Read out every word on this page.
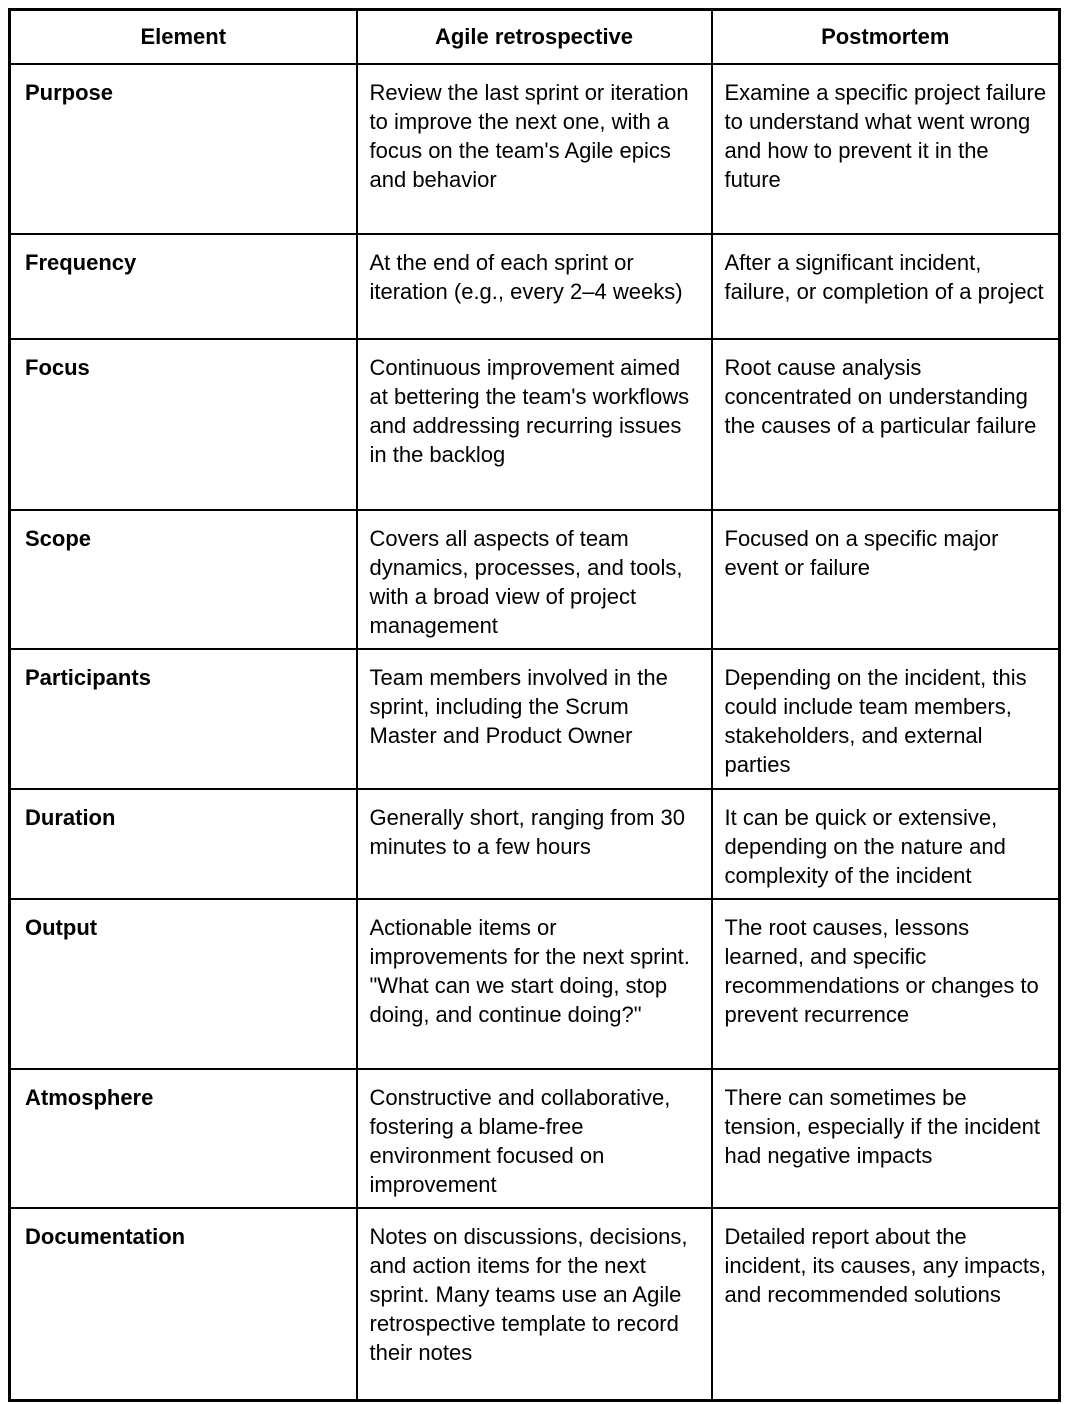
Element	Agile retrospective	Postmortem
Purpose	Review the last sprint or iteration to improve the next one, with a focus on the team's Agile epics and behavior	Examine a specific project failure to understand what went wrong and how to prevent it in the future
Frequency	At the end of each sprint or iteration (e.g., every 2–4 weeks)	After a significant incident, failure, or completion of a project
Focus	Continuous improvement aimed at bettering the team's workflows and addressing recurring issues in the backlog	Root cause analysis concentrated on understanding the causes of a particular failure
Scope	Covers all aspects of team dynamics, processes, and tools, with a broad view of project management	Focused on a specific major event or failure
Participants	Team members involved in the sprint, including the Scrum Master and Product Owner	Depending on the incident, this could include team members, stakeholders, and external parties
Duration	Generally short, ranging from 30 minutes to a few hours	It can be quick or extensive, depending on the nature and complexity of the incident
Output	Actionable items or improvements for the next sprint. "What can we start doing, stop doing, and continue doing?"	The root causes, lessons learned, and specific recommendations or changes to prevent recurrence
Atmosphere	Constructive and collaborative, fostering a blame-free environment focused on improvement	There can sometimes be tension, especially if the incident had negative impacts
Documentation	Notes on discussions, decisions, and action items for the next sprint. Many teams use an Agile retrospective template to record their notes	Detailed report about the incident, its causes, any impacts, and recommended solutions
